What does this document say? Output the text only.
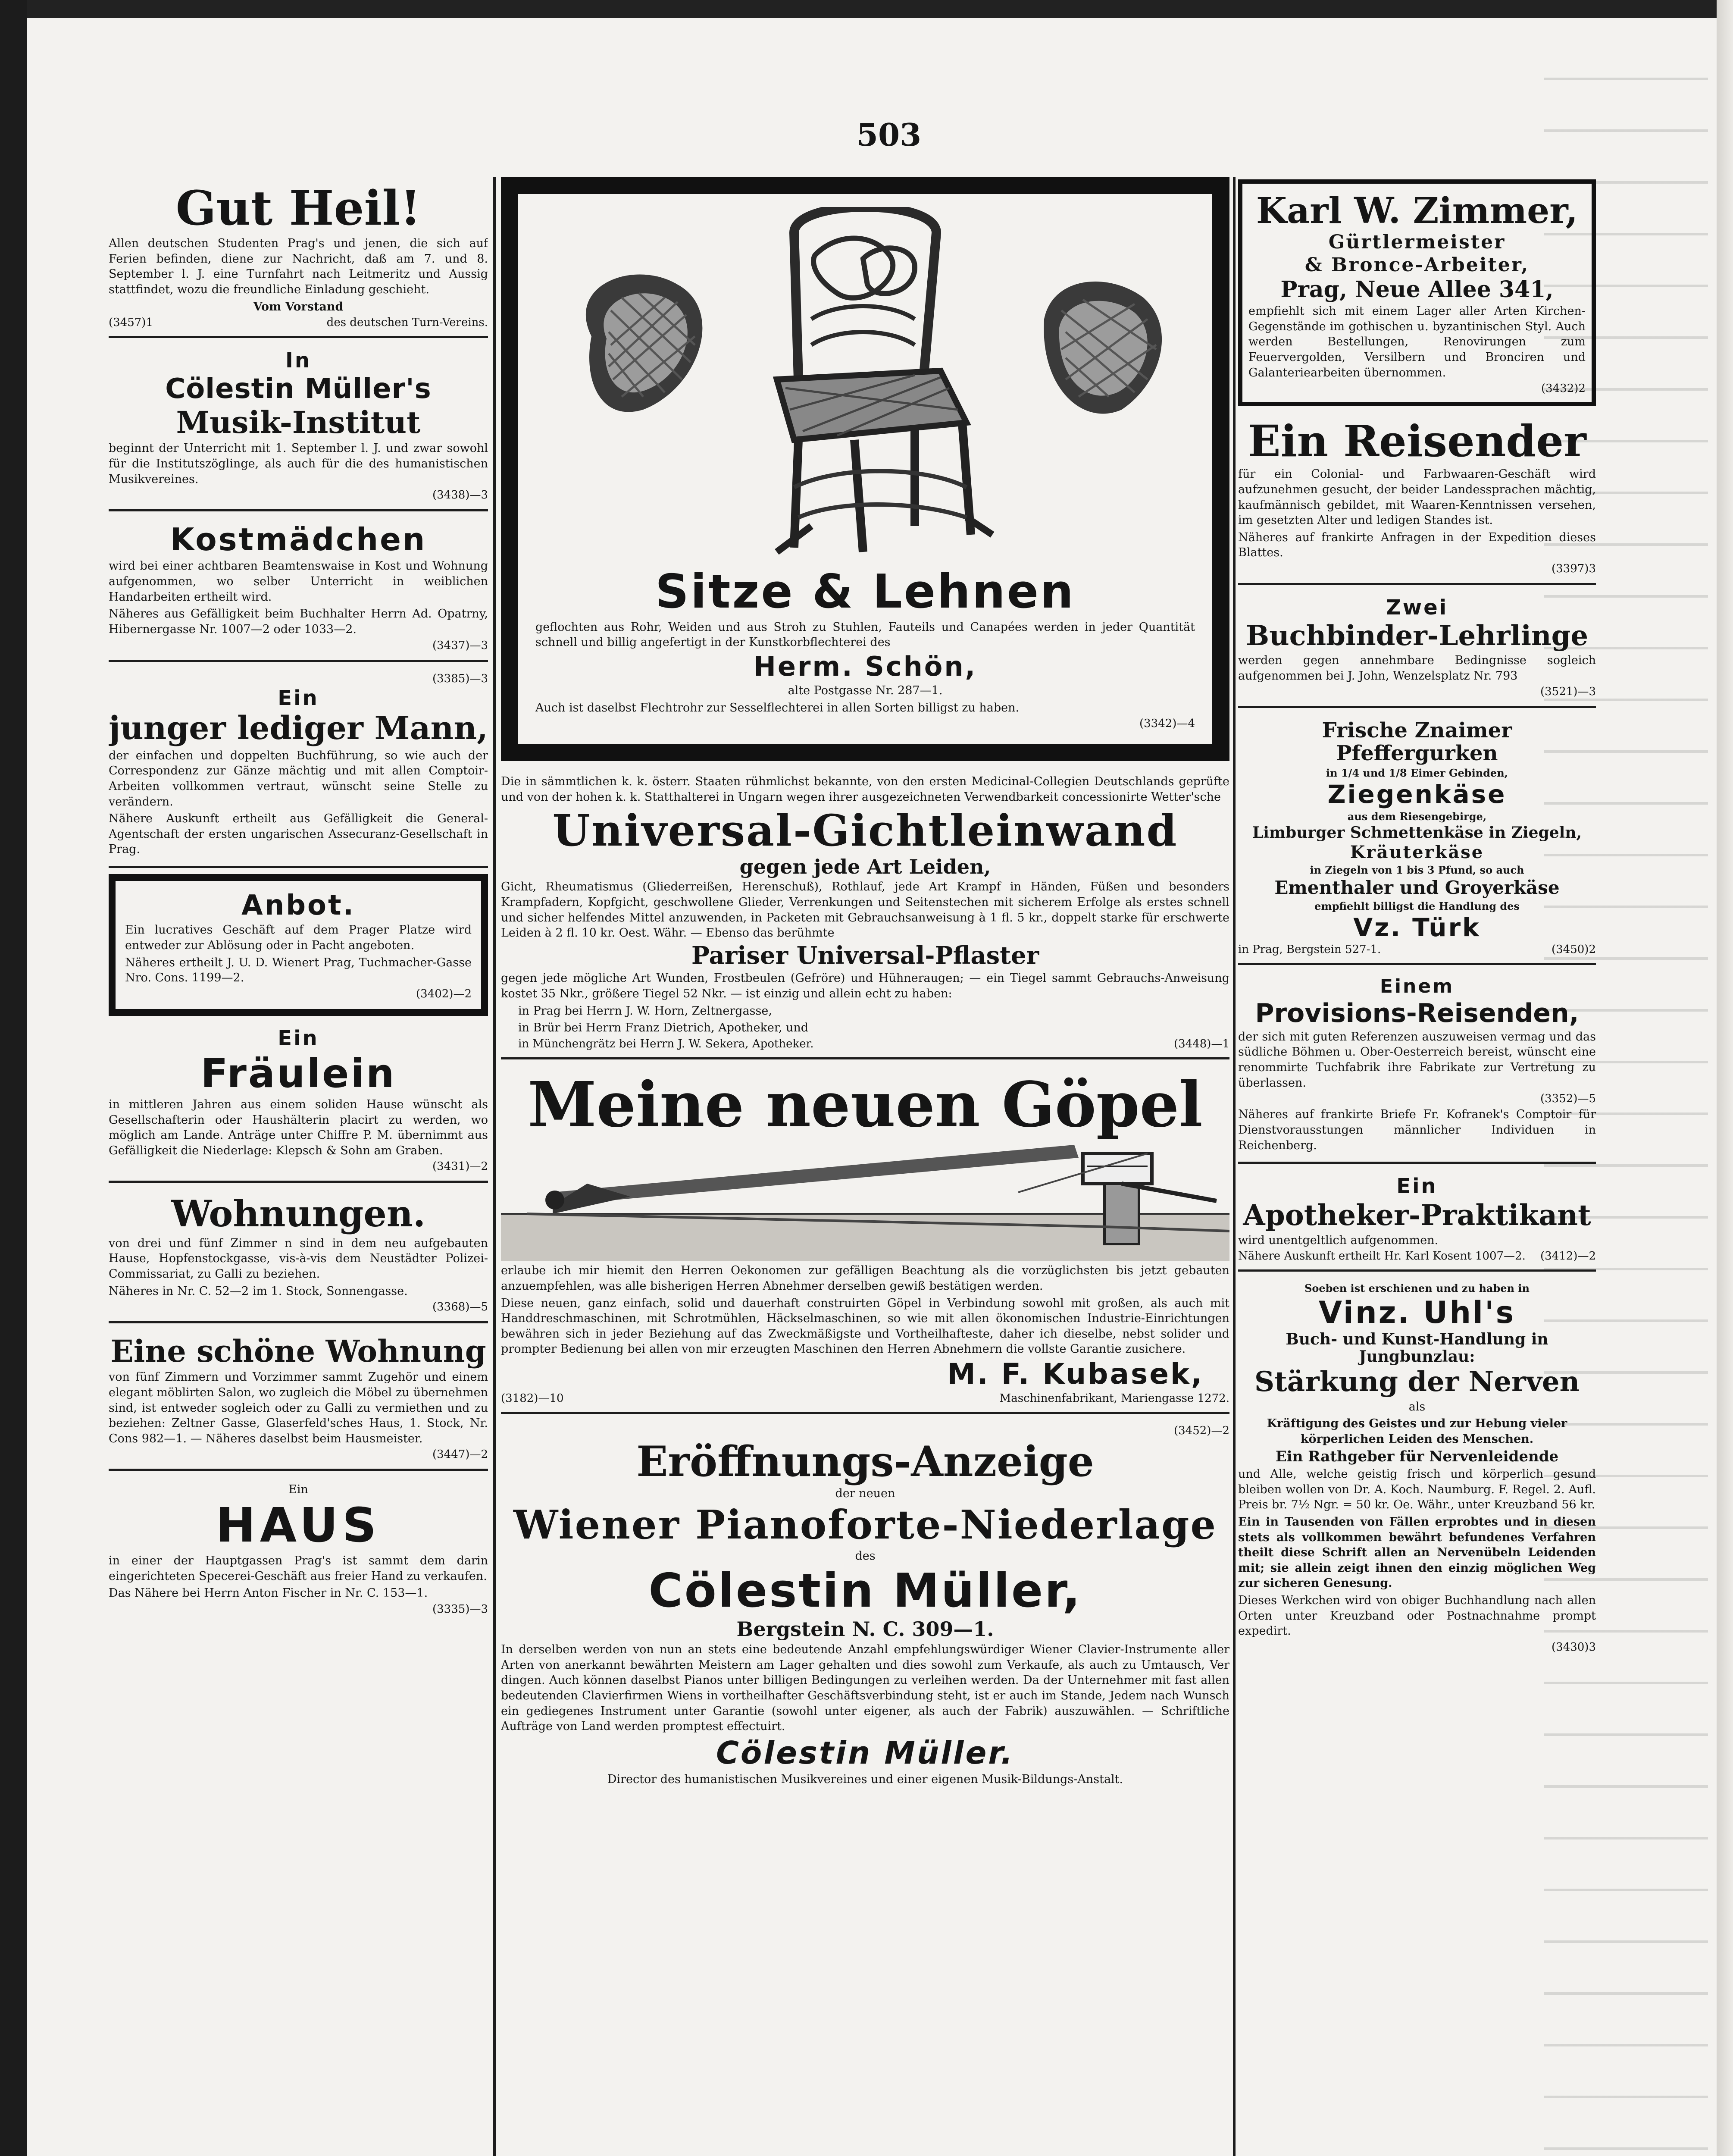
503
Gut Heil!
Allen deutschen Studenten Prag's und jenen, die sich auf Ferien befinden, diene zur Nachricht, daß am 7. und 8. September l. J. eine Turnfahrt nach Leitmeritz und Aussig stattfindet, wozu die freundliche Einladung geschieht.
Vom Vorstand
(3457)1	des deutschen Turn-Vereins.
In
Cölestin Müller's
Musik-Institut
beginnt der Unterricht mit 1. September l. J. und zwar sowohl für die Institutszöglinge, als auch für die des humanistischen Musikvereines.
(3438)—3
Kostmädchen
wird bei einer achtbaren Beamtenswaise in Kost und Wohnung aufgenommen, wo selber Unterricht in weiblichen Handarbeiten ertheilt wird.
Näheres aus Gefälligkeit beim Buchhalter Herrn Ad. Opatrny, Hibernergasse Nr. 1007—2 oder 1033—2.
(3437)—3
(3385)—3
Ein
junger lediger Mann,
der einfachen und doppelten Buchführung, so wie auch der Correspondenz zur Gänze mächtig und mit allen Comptoir-Arbeiten vollkommen vertraut, wünscht seine Stelle zu verändern.
Nähere Auskunft ertheilt aus Gefälligkeit die General-Agentschaft der ersten ungarischen Assecuranz-Gesellschaft in Prag.
Anbot.
Ein lucratives Geschäft auf dem Prager Platze wird entweder zur Ablösung oder in Pacht angeboten.
Näheres ertheilt J. U. D. Wienert Prag, Tuchmacher-Gasse Nro. Cons. 1199—2.
(3402)—2
Ein
Fräulein
in mittleren Jahren aus einem soliden Hause wünscht als Gesellschafterin oder Haushälterin placirt zu werden, wo möglich am Lande. Anträge unter Chiffre P. M. übernimmt aus Gefälligkeit die Niederlage: Klepsch & Sohn am Graben.
(3431)—2
Wohnungen.
von drei und fünf Zimmer n sind in dem neu aufgebauten Hause, Hopfenstockgasse, vis-à-vis dem Neustädter Polizei-Commissariat, zu Galli zu beziehen.
Näheres in Nr. C. 52—2 im 1. Stock, Sonnengasse.
(3368)—5
Eine schöne Wohnung
von fünf Zimmern und Vorzimmer sammt Zugehör und einem elegant möblirten Salon, wo zugleich die Möbel zu übernehmen sind, ist entweder sogleich oder zu Galli zu vermiethen und zu beziehen: Zeltner Gasse, Glaserfeld'sches Haus, 1. Stock, Nr. Cons 982—1. — Näheres daselbst beim Hausmeister.
(3447)—2
Ein
HAUS
in einer der Hauptgassen Prag's ist sammt dem darin eingerichteten Specerei-Geschäft aus freier Hand zu verkaufen.
Das Nähere bei Herrn Anton Fischer in Nr. C. 153—1.
(3335)—3
Sitze & Lehnen
geflochten aus Rohr, Weiden und aus Stroh zu Stuhlen, Fauteils und Canapées werden in jeder Quantität schnell und billig angefertigt in der Kunstkorbflechterei des
Herm. Schön,
alte Postgasse Nr. 287—1.
Auch ist daselbst Flechtrohr zur Sesselflechterei in allen Sorten billigst zu haben.
(3342)—4
Die in sämmtlichen k. k. österr. Staaten rühmlichst bekannte, von den ersten Medicinal-Collegien Deutschlands geprüfte und von der hohen k. k. Statthalterei in Ungarn wegen ihrer ausgezeichneten Verwendbarkeit concessionirte Wetter'sche
Universal-Gichtleinwand
gegen jede Art Leiden,
Gicht, Rheumatismus (Gliederreißen, Herenschuß), Rothlauf, jede Art Krampf in Händen, Füßen und besonders Krampfadern, Kopfgicht, geschwollene Glieder, Verrenkungen und Seitenstechen mit sicherem Erfolge als erstes schnell und sicher helfendes Mittel anzuwenden, in Packeten mit Gebrauchsanweisung à 1 fl. 5 kr., doppelt starke für erschwerte Leiden à 2 fl. 10 kr. Oest. Währ. — Ebenso das berühmte
Pariser Universal-Pflaster
gegen jede mögliche Art Wunden, Frostbeulen (Gefröre) und Hühneraugen; — ein Tiegel sammt Gebrauchs-Anweisung kostet 35 Nkr., größere Tiegel 52 Nkr. — ist einzig und allein echt zu haben:
in Prag bei Herrn J. W. Horn, Zeltnergasse,
in Brür bei Herrn Franz Dietrich, Apotheker, und
in Münchengrätz bei Herrn J. W. Sekera, Apotheker.	(3448)—1
Meine neuen Göpel
erlaube ich mir hiemit den Herren Oekonomen zur gefälligen Beachtung als die vorzüglichsten bis jetzt gebauten anzuempfehlen, was alle bisherigen Herren Abnehmer derselben gewiß bestätigen werden.
Diese neuen, ganz einfach, solid und dauerhaft construirten Göpel in Verbindung sowohl mit großen, als auch mit Handdreschmaschinen, mit Schrotmühlen, Häckselmaschinen, so wie mit allen ökonomischen Industrie-Einrichtungen bewähren sich in jeder Beziehung auf das Zweckmäßigste und Vortheilhafteste, daher ich dieselbe, nebst solider und prompter Bedienung bei allen von mir erzeugten Maschinen den Herren Abnehmern die vollste Garantie zusichere.
M. F. Kubasek,
(3182)—10	Maschinenfabrikant, Mariengasse 1272.
(3452)—2
Eröffnungs-Anzeige
der neuen
Wiener Pianoforte-Niederlage
des
Cölestin Müller,
Bergstein N. C. 309—1.
In derselben werden von nun an stets eine bedeutende Anzahl empfehlungswürdiger Wiener Clavier-Instrumente aller Arten von anerkannt bewährten Meistern am Lager gehalten und dies sowohl zum Verkaufe, als auch zu Umtausch, Ver dingen. Auch können daselbst Pianos unter billigen Bedingungen zu verleihen werden. Da der Unternehmer mit fast allen bedeutenden Clavierfirmen Wiens in vortheilhafter Geschäftsverbindung steht, ist er auch im Stande, Jedem nach Wunsch ein gediegenes Instrument unter Garantie (sowohl unter eigener, als auch der Fabrik) auszuwählen. — Schriftliche Aufträge von Land werden promptest effectuirt.
Cölestin Müller.
Director des humanistischen Musikvereines und einer eigenen Musik-Bildungs-Anstalt.
Karl W. Zimmer,
Gürtlermeister
& Bronce-Arbeiter,
Prag, Neue Allee 341,
empfiehlt sich mit einem Lager aller Arten Kirchen-Gegenstände im gothischen u. byzantinischen Styl. Auch werden Bestellungen, Renovirungen zum Feuervergolden, Versilbern und Bronciren und Galanteriearbeiten übernommen.
(3432)2
Ein Reisender
für ein Colonial- und Farbwaaren-Geschäft wird aufzunehmen gesucht, der beider Landessprachen mächtig, kaufmännisch gebildet, mit Waaren-Kenntnissen versehen, im gesetzten Alter und ledigen Standes ist.
Näheres auf frankirte Anfragen in der Expedition dieses Blattes.
(3397)3
Zwei
Buchbinder-Lehrlinge
werden gegen annehmbare Bedingnisse sogleich aufgenommen bei J. John, Wenzelsplatz Nr. 793
(3521)—3
Frische Znaimer Pfeffergurken
in 1/4 und 1/8 Eimer Gebinden,
Ziegenkäse
aus dem Riesengebirge,
Limburger Schmettenkäse in Ziegeln,
Kräuterkäse
in Ziegeln von 1 bis 3 Pfund, so auch
Ementhaler und Groyerkäse
empfiehlt billigst die Handlung des
Vz. Türk
in Prag, Bergstein 527-1.	(3450)2
Einem
Provisions-Reisenden,
der sich mit guten Referenzen auszuweisen vermag und das südliche Böhmen u. Ober-Oesterreich bereist, wünscht eine renommirte Tuchfabrik ihre Fabrikate zur Vertretung zu überlassen.
(3352)—5
Näheres auf frankirte Briefe Fr. Kofranek's Comptoir für Dienstvorausstungen männlicher Individuen in Reichenberg.
Ein
Apotheker-Praktikant
wird unentgeltlich aufgenommen.
Nähere Auskunft ertheilt Hr. Karl Kosent 1007—2. (3412)—2
Soeben ist erschienen und zu haben in
Vinz. Uhl's
Buch- und Kunst-Handlung in Jungbunzlau:
Stärkung der Nerven
als
Kräftigung des Geistes und zur Hebung vieler körperlichen Leiden des Menschen.
Ein Rathgeber für Nervenleidende
und Alle, welche geistig frisch und körperlich gesund bleiben wollen von Dr. A. Koch. Naumburg. F. Regel. 2. Aufl. Preis br. 7½ Ngr. = 50 kr. Oe. Währ., unter Kreuzband 56 kr.
Ein in Tausenden von Fällen erprobtes und in diesen stets als vollkommen bewährt befundenes Verfahren theilt diese Schrift allen an Nervenübeln Leidenden mit; sie allein zeigt ihnen den einzig möglichen Weg zur sicheren Genesung.
Dieses Werkchen wird von obiger Buchhandlung nach allen Orten unter Kreuzband oder Postnachnahme prompt expedirt.
(3430)3
